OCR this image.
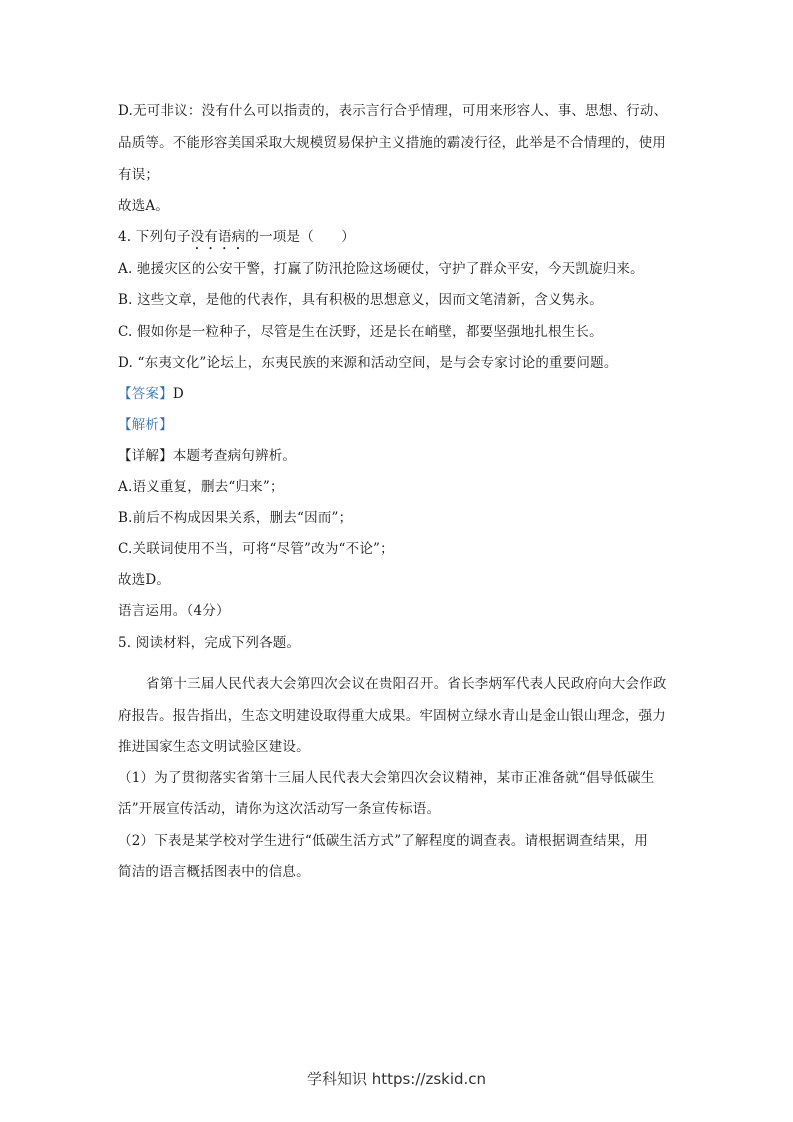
D.无可非议：没有什么可以指责的，表示言行合乎情理，可用来形容人、事、思想、行动、
品质等。不能形容美国采取大规模贸易保护主义措施的霸凌行径，此举是不合情理的，使用
有误；
故选A。
4. 下列句子没有语病的一项是（　　）
A. 驰援灾区的公安干警，打赢了防汛抢险这场硬仗，守护了群众平安，今天凯旋归来。
B. 这些文章，是他的代表作，具有积极的思想意义，因而文笔清新，含义隽永。
C. 假如你是一粒种子，尽管是生在沃野，还是长在峭壁，都要坚强地扎根生长。
D. “东夷文化”论坛上，东夷民族的来源和活动空间，是与会专家讨论的重要问题。
【答案】D
【解析】
【详解】本题考查病句辨析。
A.语义重复，删去“归来”；
B.前后不构成因果关系，删去“因而”；
C.关联词使用不当，可将“尽管”改为“不论”；
故选D。
语言运用。（4分）
5. 阅读材料，完成下列各题。
省第十三届人民代表大会第四次会议在贵阳召开。省长李炳军代表人民政府向大会作政
府报告。报告指出，生态文明建设取得重大成果。牢固树立绿水青山是金山银山理念，强力
推进国家生态文明试验区建设。
（1）为了贯彻落实省第十三届人民代表大会第四次会议精神，某市正准备就“倡导低碳生
活”开展宣传活动，请你为这次活动写一条宣传标语。
（2）下表是某学校对学生进行“低碳生活方式”了解程度的调查表。请根据调查结果，用
简洁的语言概括图表中的信息。
学科知识 https://zskid.cn
